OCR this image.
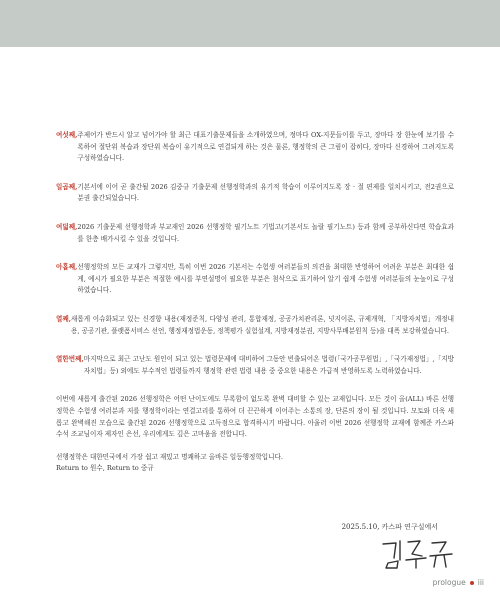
여섯째, 주제어가 반드시 알고 넘어가야 할 최근 대표기출문제들을 소개하였으며, 정마다 OX-지문들이를 두고, 장마다 장 한눈에 보기를 수록하여 절단위 복습과 장단위 복습이 유기적으로 연결되게 하는 것은 물론, 행정학의 큰 그림이 잡히다, 장마다 신경하여 그려지도록 구성하였습니다.
일곱째, 기본서에 이어 곧 출간될 2026 김중규 기출문제 선행정학과의 유기적 학습이 이루어지도록 장 · 절 편제를 일치시키고, 전2권으로 분권 출간되었습니다.
여덟째, 2026 기출문제 선행정학과 부교재인 2026 선행정학 필기노트 기법고(기본서도 놀랄 필기노트) 등과 함께 공부하신다면 학습효과를 한층 배가시킬 수 있을 것입니다.
아홉째, 선행정학의 모든 교재가 그렇지만, 특히 이번 2026 기본서는 수험생 여러분들의 의견을 최대한 반영하여 어려운 부분은 최대한 쉽게, 예시가 필요한 부분은 적절한 예시를 부연설명이 필요한 부분은 첨삭으로 표기하여 알기 쉽게 수험생 여러분들의 눈높이로 구성하였습니다.
열째, 새롭게 이슈화되고 있는 신경향 내용(재정준칙, 다양성 관리, 통합재정, 공공가치관리론, 넛지이론, 규제개혁, 「지방자치법」개정내용, 공공기관, 플랫폼서비스 선언, 행정재정법운동, 정책평가 실험설계, 지방재정분권, 지방사무배분원칙 등)을 대폭 보강하였습니다.
열한번째, 마지막으로 최근 고난도 원인이 되고 있는 법령문제에 대비하여 그동안 빈출되어온 법령(「국가공무원법」,「국가재정법」,「지방자치법」등) 외에도 부수적인 법령들까지 행정학 관련 법령 내용 중 중요한 내용은 가급적 반영하도록 노력하였습니다.

이번에 새롭게 출간된 2026 선행정학은 어떤 난이도에도 무록함이 없도록 완벽 대비할 수 있는 교재입니다. 모든 것이 올(ALL) 바른 선행정학은 수험생 여러분과 저를 행정학이라는 연결고리를 통하여 더 끈끈하게 이어주는 소통의 장, 단론의 장이 될 것입니다. 모토와 더욱 새롭고 완벽해진 모습으로 출간된 2026 선행정학으로 고득점으로 합격하시기 바랍니다. 아울러 이번 2026 선행정학 교재에 함께준 카스파 수석 조교님이자 제자인 은선, 우리에게도 깊은 고마움을 전합니다.

선행정학은 대한민국에서 가장 쉽고 재밌고 명쾌하고 올바른 일등행정학입니다.

Return to 원수, Return to 중규

2025.5.10, 카스파 연구실에서
prologue iii
